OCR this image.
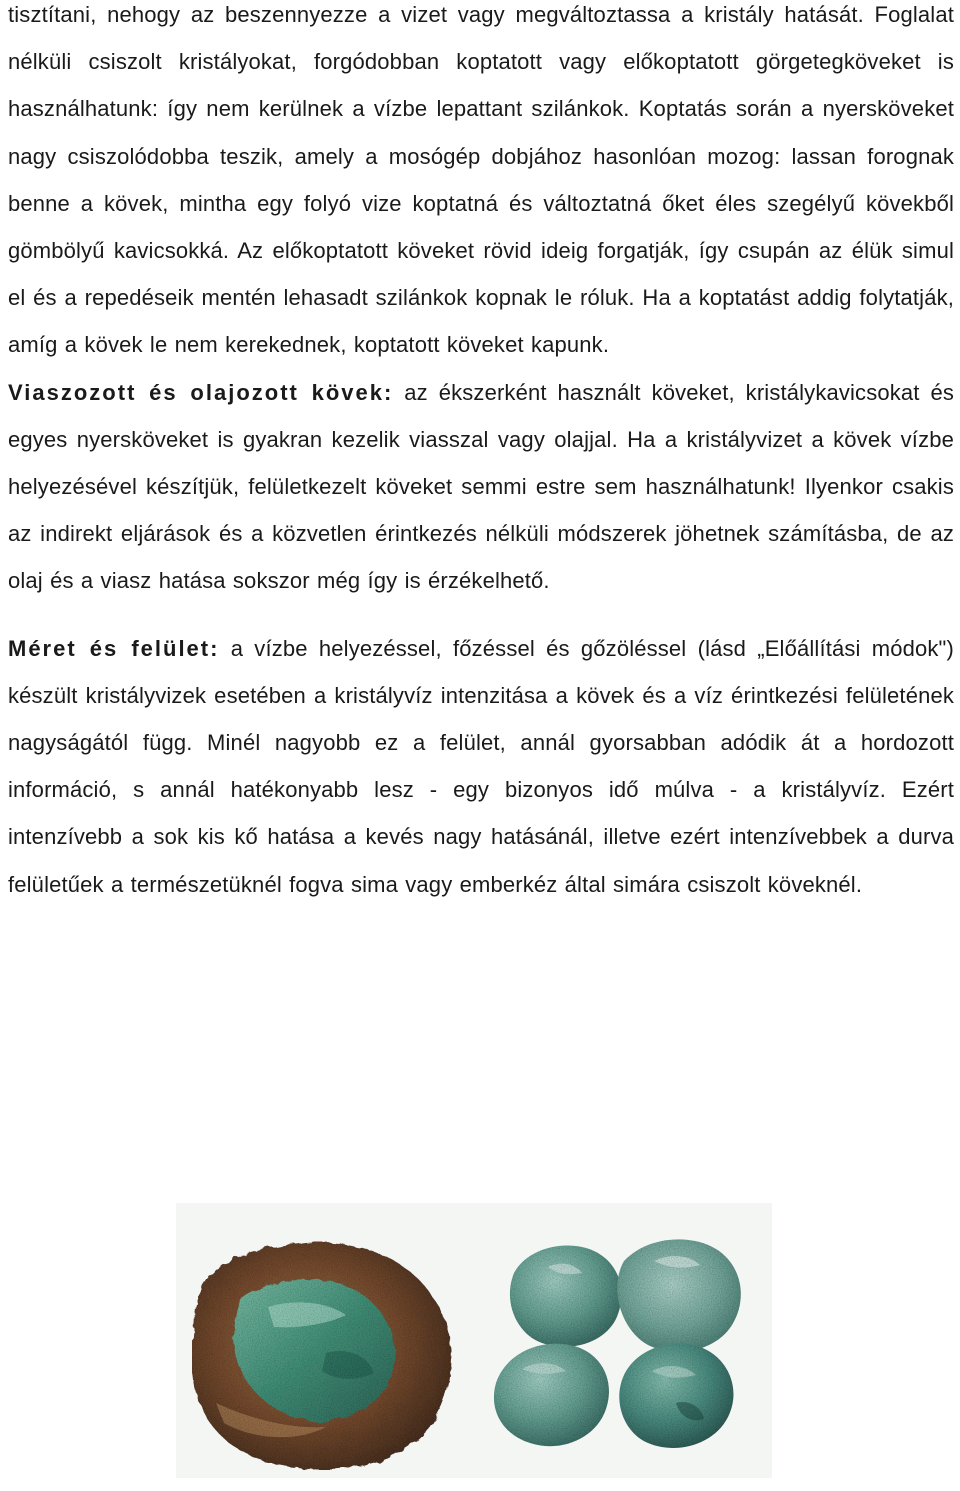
tisztítani, nehogy az beszennyezze a vizet vagy megváltoztassa a kristály hatását. Foglalat nélküli csiszolt kristályokat, forgódobban koptatott vagy előkoptatott görgetegköveket is használhatunk: így nem kerülnek a vízbe lepattant szilánkok. Koptatás során a nyersköveket nagy csiszolódobba teszik, amely a mosógép dobjához hasonlóan mozog: lassan forognak benne a kövek, mintha egy folyó vize koptatná és változtatná őket éles szegélyű kövekből gömbölyű kavicsokká. Az előkoptatott köveket rövid ideig forgatják, így csupán az élük simul el és a repedéseik mentén lehasadt szilánkok kopnak le róluk. Ha a koptatást addig folytatják, amíg a kövek le nem kerekednek, koptatott köveket kapunk.

Viaszozott és olajozott kövek: az ékszerként használt köveket, kristálykavicsokat és egyes nyersköveket is gyakran kezelik viasszal vagy olajjal. Ha a kristályvizet a kövek vízbe helyezésével készítjük, felületkezelt köveket semmi estre sem használhatunk! Ilyenkor csakis az indirekt eljárások és a közvetlen érintkezés nélküli módszerek jöhetnek számításba, de az olaj és a viasz hatása sokszor még így is érzékelhető.

Méret és felület: a vízbe helyezéssel, főzéssel és gőzöléssel (lásd „Előállítási módok") készült kristályvizek esetében a kristályvíz intenzitása a kövek és a víz érintkezési felületének nagyságától függ. Minél nagyobb ez a felület, annál gyorsabban adódik át a hordozott információ, s annál hatékonyabb lesz - egy bizonyos idő múlva - a kristályvíz. Ezért intenzívebb a sok kis kő hatása a kevés nagy hatásánál, illetve ezért intenzívebbek a durva felületűek a természetüknél fogva sima vagy emberkéz által simára csiszolt köveknél.
